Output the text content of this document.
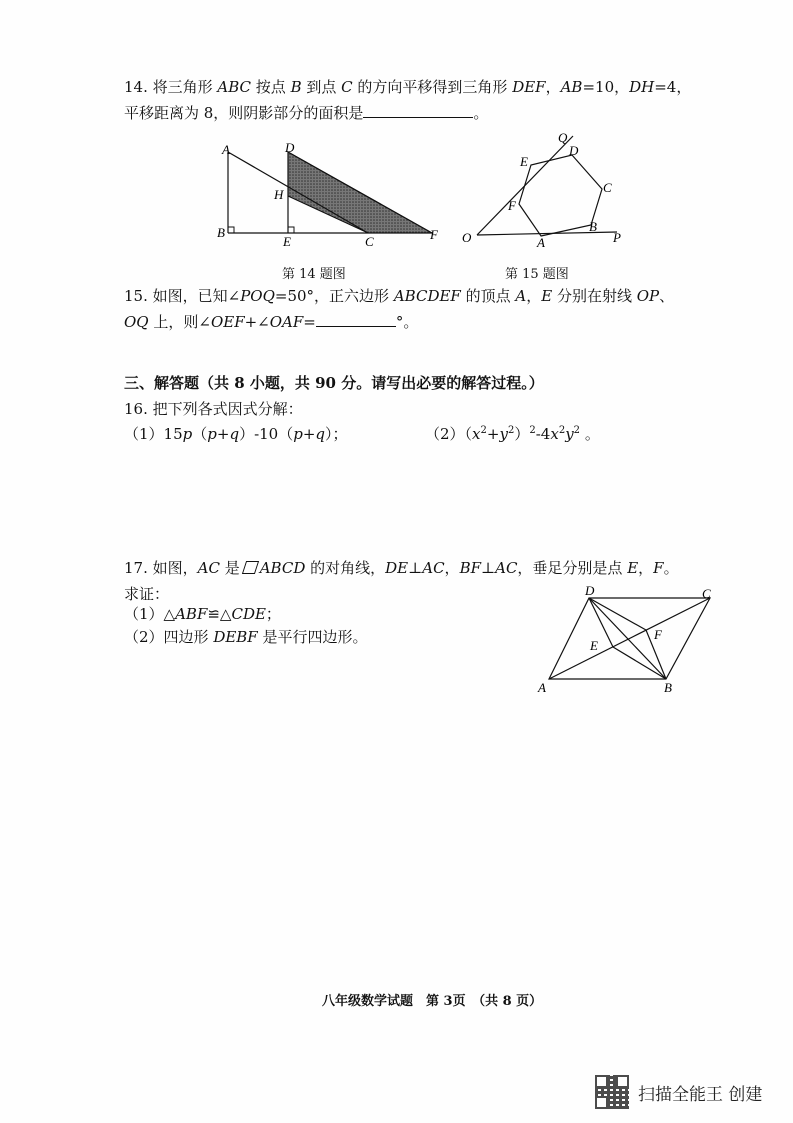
14. 将三角形 ABC 按点 B 到点 C 的方向平移得到三角形 DEF，AB=10，DH=4，
平移距离为 8，则阴影部分的面积是	。
A
B
E	C	F
D
H
第 14 题图
Q
D
E
C
F
B
O	A	P
第 15 题图
15. 如图，已知∠POQ=50°，正六边形 ABCDEF 的顶点 A，E 分别在射线 OP、
OQ 上，则∠OEF+∠OAF=	°。
三、解答题（共 8 小题，共 90 分。请写出必要的解答过程。）
16. 把下列各式因式分解：
（1）15p（p+q）-10（p+q）；	$(2)(x^2+y^2)^2-4x^2y^2$ 。
17. 如图，AC 是 ABCD 的对角线，DE⊥AC，BF⊥AC，垂足分别是点 E，F。
求证：
（1）△ABF≌△CDE；
（2）四边形 DEBF 是平行四边形。
D	C
E
F
A	B
八年级数学试题　第 3页　（共 8 页）
扫描全能王 创建
